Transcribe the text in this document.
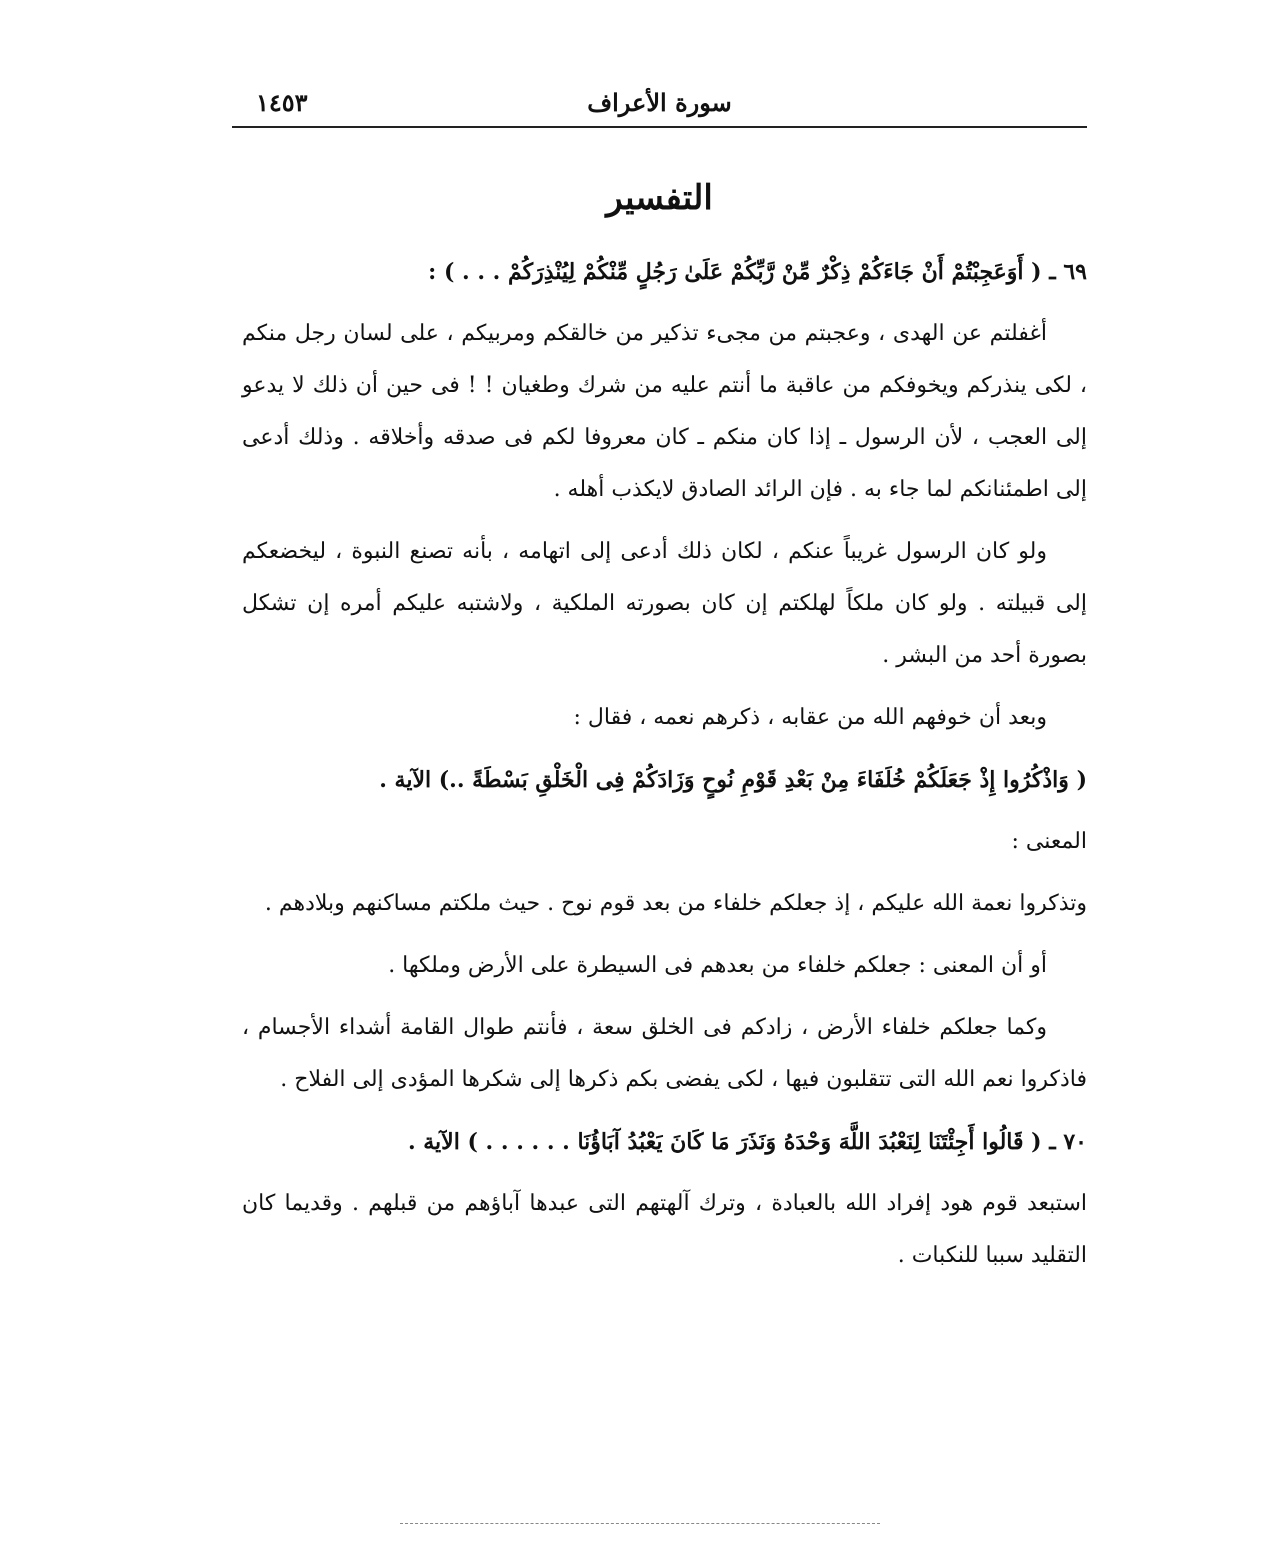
سورة الأعراف
١٤٥٣
التفسير

٦٩ ـ ( أَوَعَجِبْتُمْ أَنْ جَاءَكُمْ ذِكْرٌ مِّنْ رَّبِّكُمْ عَلَىٰ رَجُلٍ مِّنْكُمْ لِيُنْذِرَكُمْ . . . ) :

أغفلتم عن الهدى ، وعجبتم من مجىء تذكير من خالقكم ومربيكم ، على لسان رجل منكم ، لكى ينذركم ويخوفكم من عاقبة ما أنتم عليه من شرك وطغيان ! ! فى حين أن ذلك لا يدعو إلى العجب ، لأن الرسول ـ إذا كان منكم ـ كان معروفا لكم فى صدقه وأخلاقه . وذلك أدعى إلى اطمئنانكم لما جاء به . فإن الرائد الصادق لايكذب أهله .

ولو كان الرسول غريباً عنكم ، لكان ذلك أدعى إلى اتهامه ، بأنه تصنع النبوة ، ليخضعكم إلى قبيلته . ولو كان ملكاً لهلكتم إن كان بصورته الملكية ، ولاشتبه عليكم أمره إن تشكل بصورة أحد من البشر .

وبعد أن خوفهم الله من عقابه ، ذكرهم نعمه ، فقال :

( وَاذْكُرُوا إِذْ جَعَلَكُمْ خُلَفَاءَ مِنْ بَعْدِ قَوْمِ نُوحٍ وَزَادَكُمْ فِى الْخَلْقِ بَسْطَةً ..) الآية .

المعنى :

وتذكروا نعمة الله عليكم ، إذ جعلكم خلفاء من بعد قوم نوح . حيث ملكتم مساكنهم وبلادهم .

أو أن المعنى : جعلكم خلفاء من بعدهم فى السيطرة على الأرض وملكها .

وكما جعلكم خلفاء الأرض ، زادكم فى الخلق سعة ، فأنتم طوال القامة أشداء الأجسام ، فاذكروا نعم الله التى تتقلبون فيها ، لكى يفضى بكم ذكرها إلى شكرها المؤدى إلى الفلاح .

٧٠ ـ ( قَالُوا أَجِئْتَنَا لِنَعْبُدَ اللَّهَ وَحْدَهُ وَنَذَرَ مَا كَانَ يَعْبُدُ آبَاؤُنَا . . . . . . ) الآية .

استبعد قوم هود إفراد الله بالعبادة ، وترك آلهتهم التى عبدها آباؤهم من قبلهم . وقديما كان التقليد سببا للنكبات .
